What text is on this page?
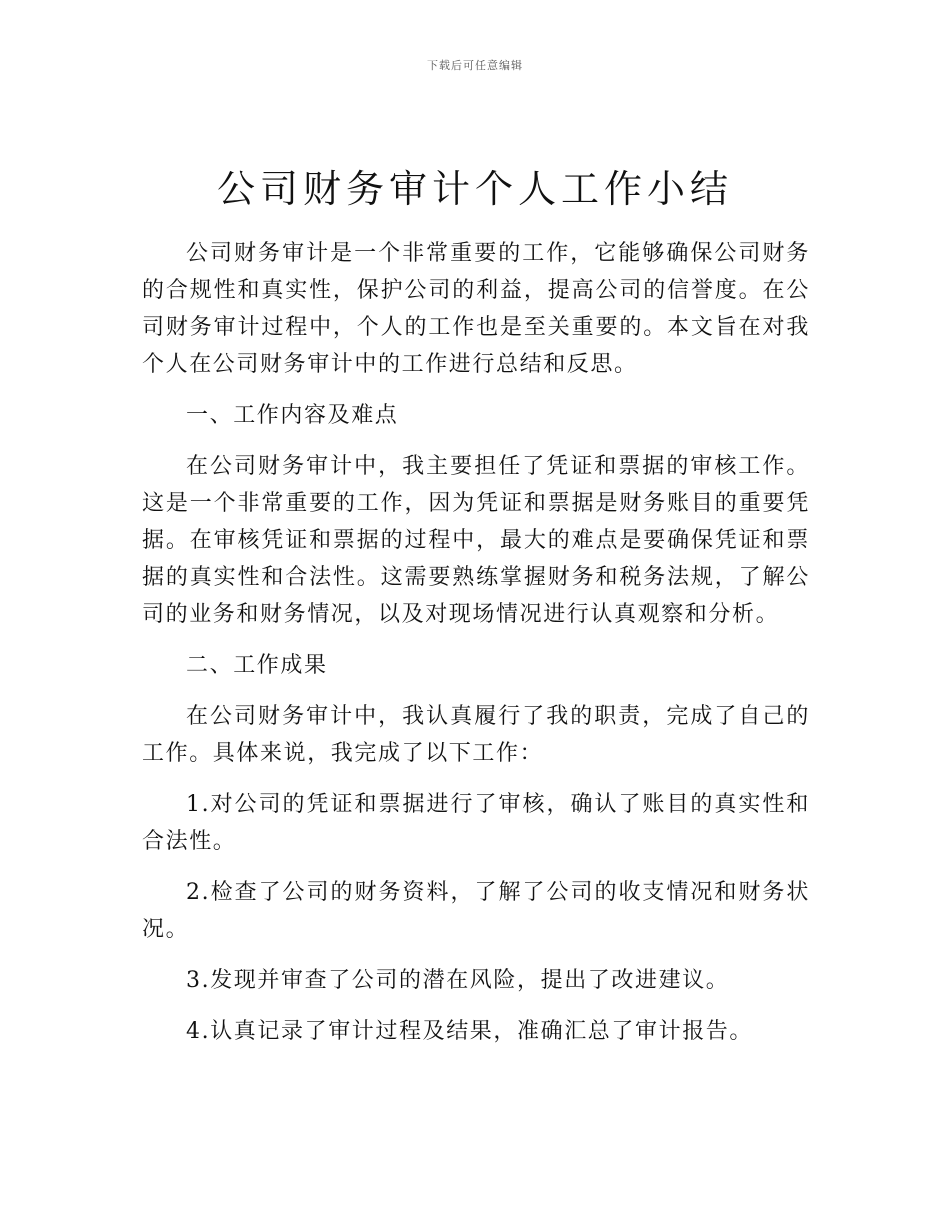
下载后可任意编辑
公司财务审计个人工作小结

公司财务审计是一个非常重要的工作，它能够确保公司财务的合规性和真实性，保护公司的利益，提高公司的信誉度。在公司财务审计过程中，个人的工作也是至关重要的。本文旨在对我个人在公司财务审计中的工作进行总结和反思。

一、工作内容及难点

在公司财务审计中，我主要担任了凭证和票据的审核工作。这是一个非常重要的工作，因为凭证和票据是财务账目的重要凭据。在审核凭证和票据的过程中，最大的难点是要确保凭证和票据的真实性和合法性。这需要熟练掌握财务和税务法规，了解公司的业务和财务情况，以及对现场情况进行认真观察和分析。

二、工作成果

在公司财务审计中，我认真履行了我的职责，完成了自己的工作。具体来说，我完成了以下工作：

1.对公司的凭证和票据进行了审核，确认了账目的真实性和合法性。

2.检查了公司的财务资料，了解了公司的收支情况和财务状况。

3.发现并审查了公司的潜在风险，提出了改进建议。

4.认真记录了审计过程及结果，准确汇总了审计报告。
